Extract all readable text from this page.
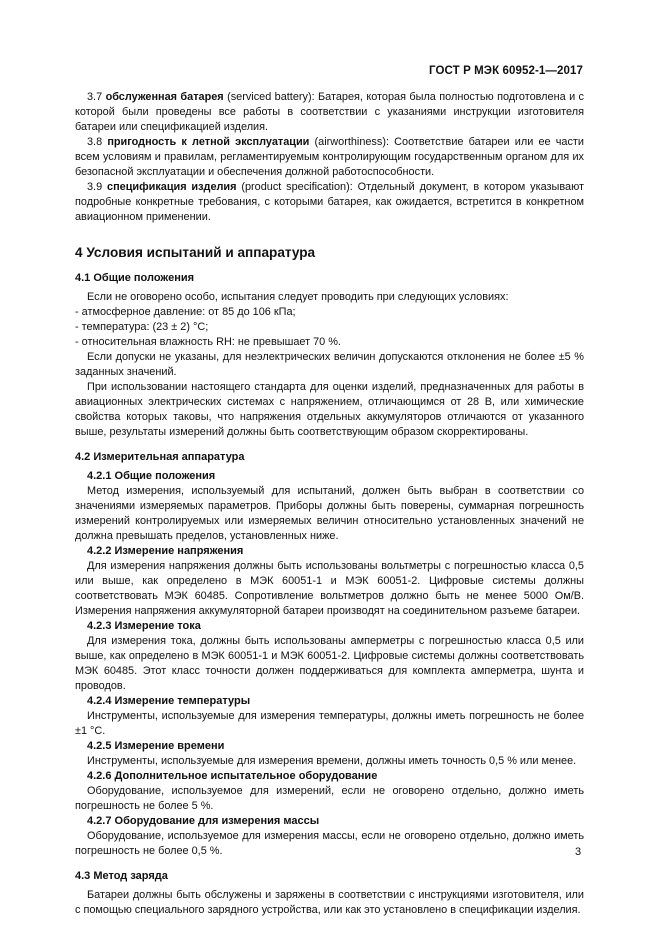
ГОСТ Р МЭК 60952-1—2017

3.7 обслуженная батарея (serviced battery): Батарея, которая была полностью подготовлена и с которой были проведены все работы в соответствии с указаниями инструкции изготовителя батареи или спецификацией изделия.

3.8 пригодность к летной эксплуатации (airworthiness): Соответствие батареи или ее части всем условиям и правилам, регламентируемым контролирующим государственным органом для их безопасной эксплуатации и обеспечения должной работоспособности.

3.9 спецификация изделия (product specification): Отдельный документ, в котором указывают подробные конкретные требования, с которыми батарея, как ожидается, встретится в конкретном авиационном применении.

4 Условия испытаний и аппаратура
4.1 Общие положения

Если не оговорено особо, испытания следует проводить при следующих условиях:

- атмосферное давление: от 85 до 106 кПа;
- температура: (23 ± 2) °С;
- относительная влажность RH: не превышает 70 %.

Если допуски не указаны, для неэлектрических величин допускаются отклонения не более ±5 % заданных значений.

При использовании настоящего стандарта для оценки изделий, предназначенных для работы в авиационных электрических системах с напряжением, отличающимся от 28 В, или химические свойства которых таковы, что напряжения отдельных аккумуляторов отличаются от указанного выше, результаты измерений должны быть соответствующим образом скорректированы.

4.2 Измерительная аппаратура
4.2.1 Общие положения

Метод измерения, используемый для испытаний, должен быть выбран в соответствии со значениями измеряемых параметров. Приборы должны быть поверены, суммарная погрешность измерений контролируемых или измеряемых величин относительно установленных значений не должна превышать пределов, установленных ниже.

4.2.2 Измерение напряжения

Для измерения напряжения должны быть использованы вольтметры с погрешностью класса 0,5 или выше, как определено в МЭК 60051-1 и МЭК 60051-2. Цифровые системы должны соответствовать МЭК 60485. Сопротивление вольтметров должно быть не менее 5000 Ом/В. Измерения напряжения аккумуляторной батареи производят на соединительном разъеме батареи.

4.2.3 Измерение тока

Для измерения тока, должны быть использованы амперметры с погрешностью класса 0,5 или выше, как определено в МЭК 60051-1 и МЭК 60051-2. Цифровые системы должны соответствовать МЭК 60485. Этот класс точности должен поддерживаться для комплекта амперметра, шунта и проводов.

4.2.4 Измерение температуры

Инструменты, используемые для измерения температуры, должны иметь погрешность не более ±1 °С.

4.2.5 Измерение времени

Инструменты, используемые для измерения времени, должны иметь точность 0,5 % или менее.

4.2.6 Дополнительное испытательное оборудование

Оборудование, используемое для измерений, если не оговорено отдельно, должно иметь погрешность не более 5 %.

4.2.7 Оборудование для измерения массы

Оборудование, используемое для измерения массы, если не оговорено отдельно, должно иметь погрешность не более 0,5 %.

4.3 Метод заряда

Батареи должны быть обслужены и заряжены в соответствии с инструкциями изготовителя, или с помощью специального зарядного устройства, или как это установлено в спецификации изделия.

3
